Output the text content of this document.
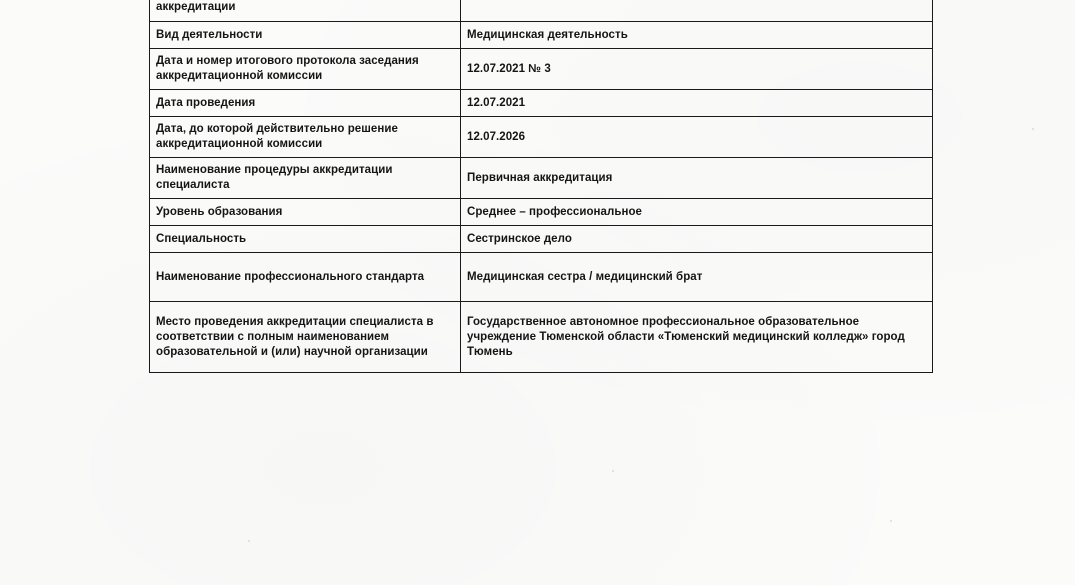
аккредитации	
Вид деятельности	Медицинская деятельность
Дата и номер итогового протокола заседания аккредитационной комиссии	12.07.2021 № 3
Дата проведения	12.07.2021
Дата, до которой действительно решение аккредитационной комиссии	12.07.2026
Наименование процедуры аккредитации специалиста	Первичная аккредитация
Уровень образования	Среднее – профессиональное
Специальность	Сестринское дело
Наименование профессионального стандарта	Медицинская сестра / медицинский брат
Место проведения аккредитации специалиста в соответствии с полным наименованием образовательной и (или) научной организации	Государственное автономное профессиональное образовательное учреждение Тюменской области «Тюменский медицинский колледж» город Тюмень
